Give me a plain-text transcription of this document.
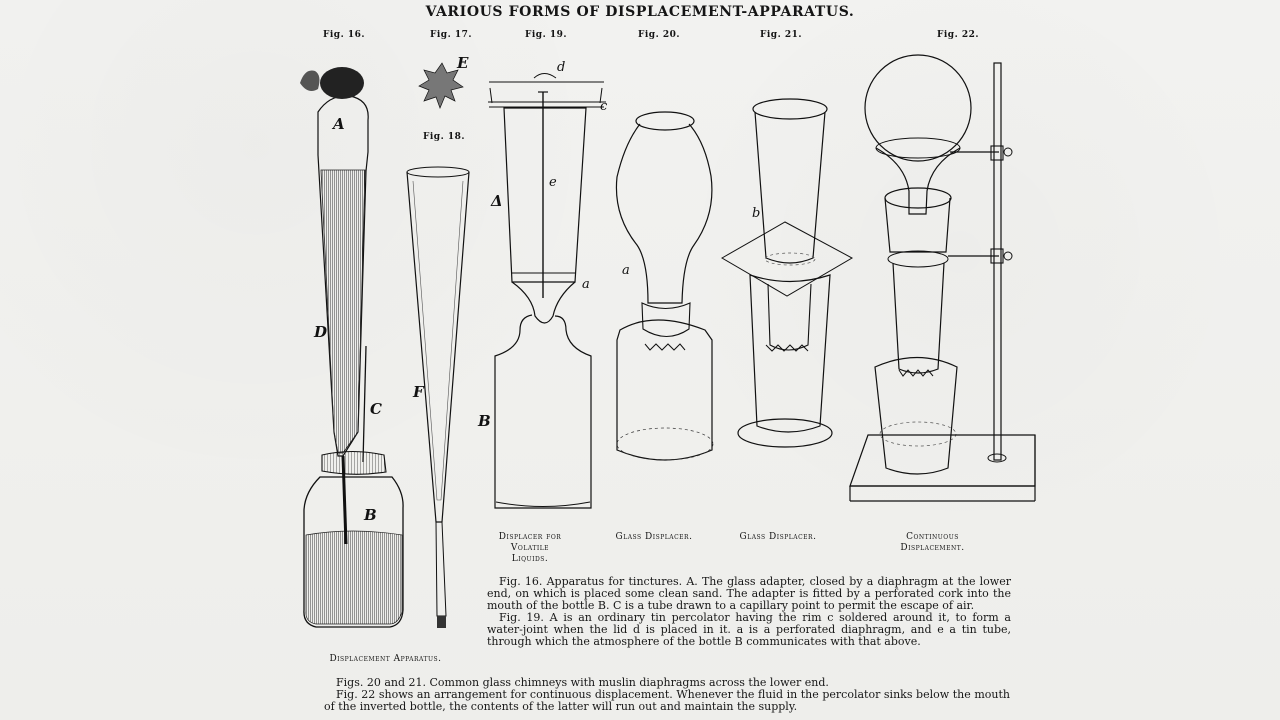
VARIOUS FORMS OF DISPLACEMENT-APPARATUS.
Fig. 16.	Fig. 17.
Fig. 18.
Fig. 19.	Fig. 20.	Fig. 21.	Fig. 22.
A
D
C
B
E
F
d
c
e
a
Δ
B
a
b
Displacer for
Volatile
Liquids.
Glass Displacer.	Glass Displacer.	Continuous
Displacement.
Displacement Apparatus.

Fig. 16. Apparatus for tinctures. A. The glass adapter, closed by a diaphragm at the lower end, on which is placed some clean sand. The adapter is fitted by a perforated cork into the mouth of the bottle B. C is a tube drawn to a capillary point to permit the escape of air.

Fig. 19. A is an ordinary tin percolator having the rim c soldered around it, to form a water-joint when the lid d is placed in it. a is a perforated diaphragm, and e a tin tube, through which the atmosphere of the bottle B communicates with that above.

Figs. 20 and 21. Common glass chimneys with muslin diaphragms across the lower end.

Fig. 22 shows an arrangement for continuous displacement. Whenever the fluid in the percolator sinks below the mouth of the inverted bottle, the contents of the latter will run out and maintain the supply.
